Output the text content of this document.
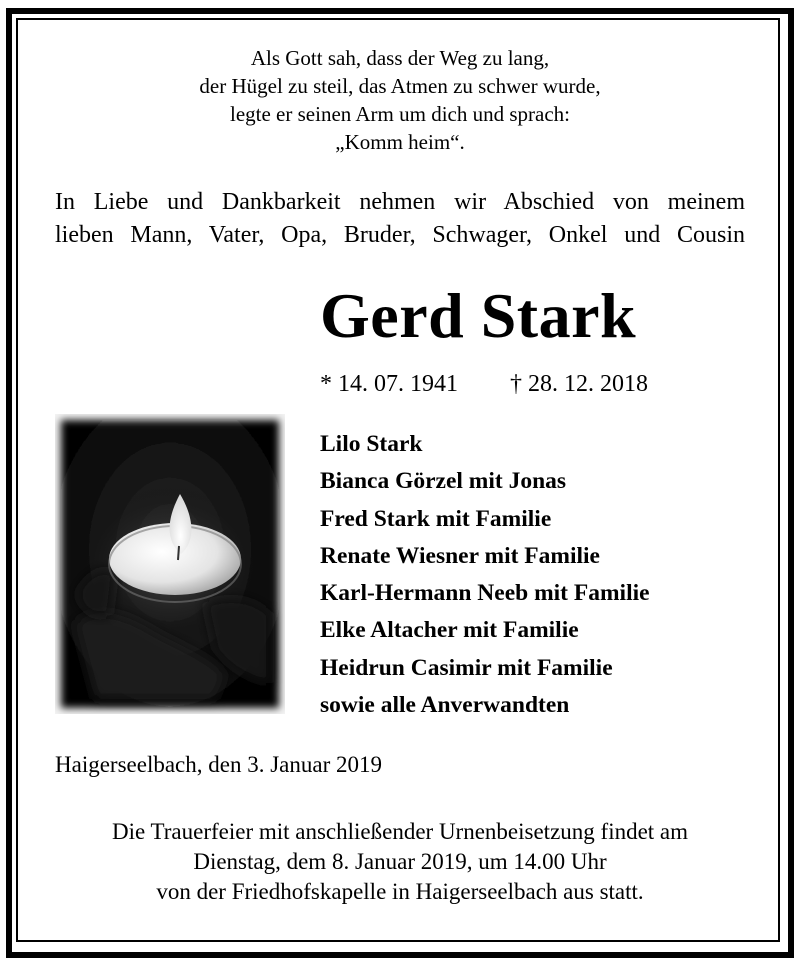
Als Gott sah, dass der Weg zu lang,
der Hügel zu steil, das Atmen zu schwer wurde,
legte er seinen Arm um dich und sprach:
„Komm heim“.
In Liebe und Dankbarkeit nehmen wir Abschied von meinem
lieben Mann, Vater, Opa, Bruder, Schwager, Onkel und Cousin
Gerd Stark
* 14. 07. 1941 † 28. 12. 2018
Lilo Stark
Bianca Görzel mit Jonas
Fred Stark mit Familie
Renate Wiesner mit Familie
Karl-Hermann Neeb mit Familie
Elke Altacher mit Familie
Heidrun Casimir mit Familie
sowie alle Anverwandten
Haigerseelbach, den 3. Januar 2019
Die Trauerfeier mit anschließender Urnenbeisetzung findet am
Dienstag, dem 8. Januar 2019, um 14.00 Uhr
von der Friedhofskapelle in Haigerseelbach aus statt.
